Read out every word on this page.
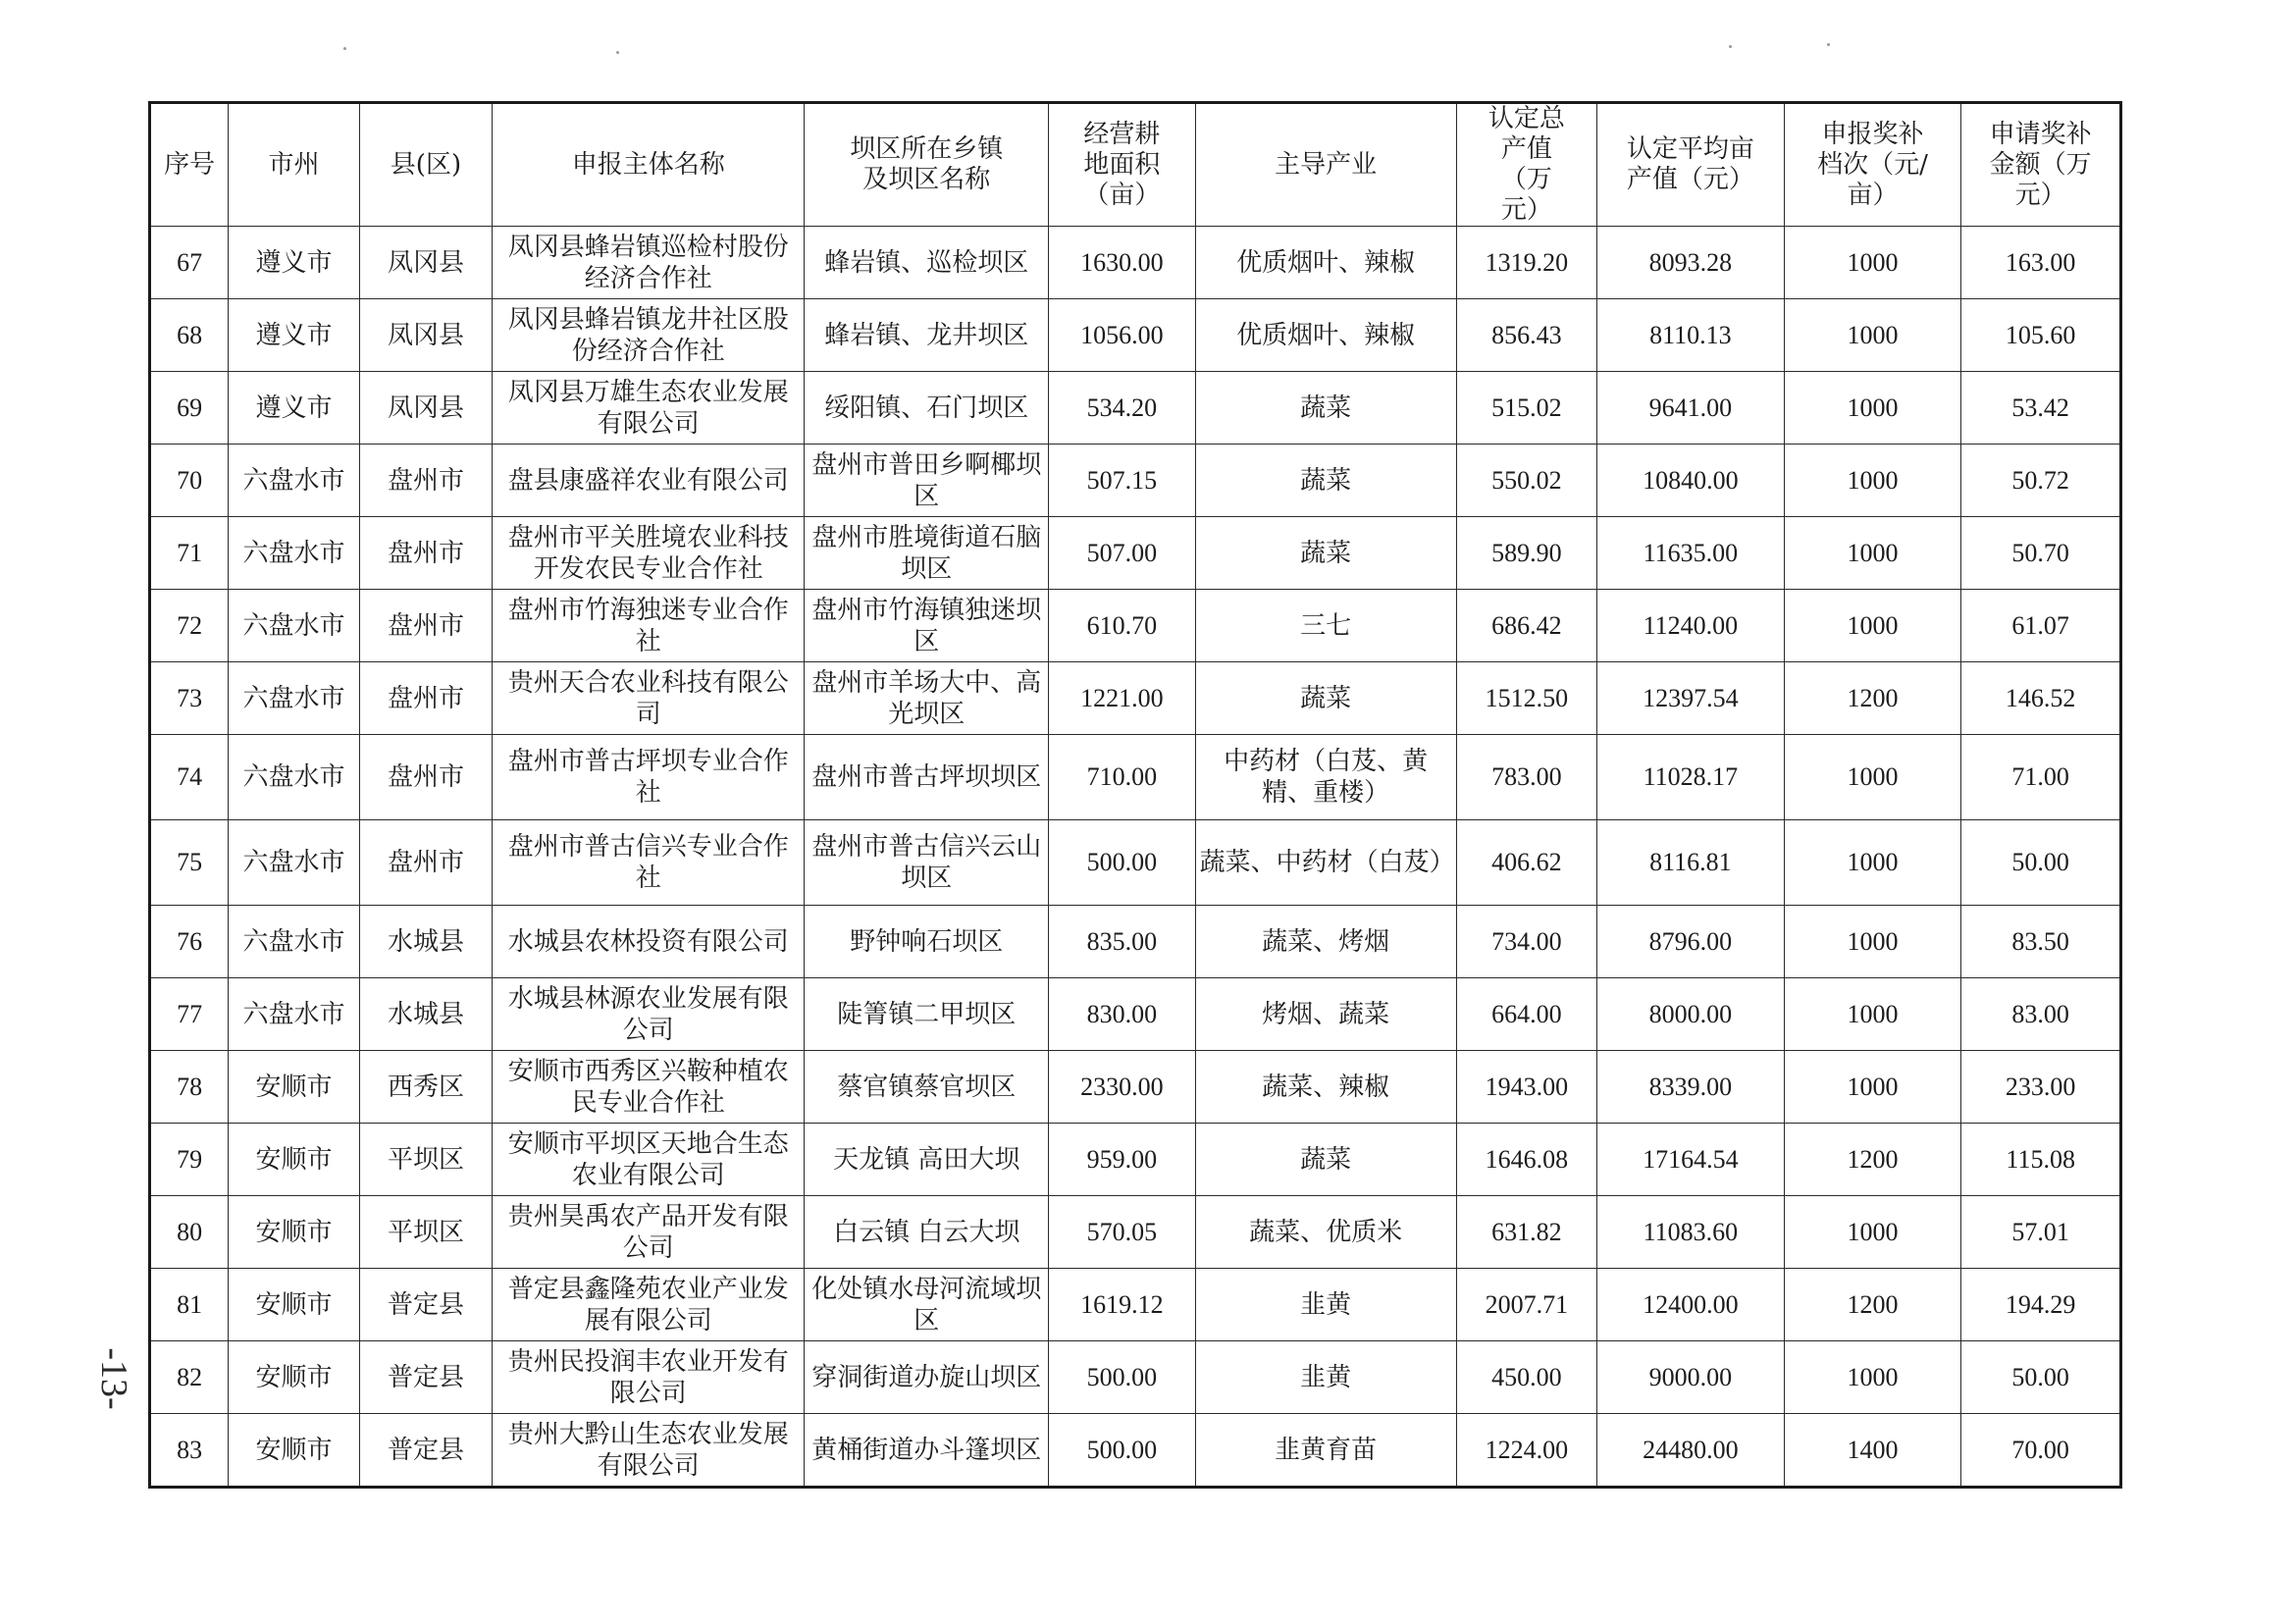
序号	市州	县(区)	申报主体名称	坝区所在乡镇及坝区名称	经营耕地面积（亩）	主导产业	认定总产值（万元）	认定平均亩产值（元）	申报奖补档次（元/亩）	申请奖补金额（万元）
67	遵义市	凤冈县	凤冈县蜂岩镇巡检村股份经济合作社	蜂岩镇、巡检坝区	1630.00	优质烟叶、辣椒	1319.20	8093.28	1000	163.00
68	遵义市	凤冈县	凤冈县蜂岩镇龙井社区股份经济合作社	蜂岩镇、龙井坝区	1056.00	优质烟叶、辣椒	856.43	8110.13	1000	105.60
69	遵义市	凤冈县	凤冈县万雄生态农业发展有限公司	绥阳镇、石门坝区	534.20	蔬菜	515.02	9641.00	1000	53.42
70	六盘水市	盘州市	盘县康盛祥农业有限公司	盘州市普田乡啊椰坝区	507.15	蔬菜	550.02	10840.00	1000	50.72
71	六盘水市	盘州市	盘州市平关胜境农业科技开发农民专业合作社	盘州市胜境街道石脑坝区	507.00	蔬菜	589.90	11635.00	1000	50.70
72	六盘水市	盘州市	盘州市竹海独迷专业合作社	盘州市竹海镇独迷坝区	610.70	三七	686.42	11240.00	1000	61.07
73	六盘水市	盘州市	贵州天合农业科技有限公司	盘州市羊场大中、高光坝区	1221.00	蔬菜	1512.50	12397.54	1200	146.52
74	六盘水市	盘州市	盘州市普古坪坝专业合作社	盘州市普古坪坝坝区	710.00	中药材（白芨、黄精、重楼）	783.00	11028.17	1000	71.00
75	六盘水市	盘州市	盘州市普古信兴专业合作社	盘州市普古信兴云山坝区	500.00	蔬菜、中药材（白芨）	406.62	8116.81	1000	50.00
76	六盘水市	水城县	水城县农林投资有限公司	野钟响石坝区	835.00	蔬菜、烤烟	734.00	8796.00	1000	83.50
77	六盘水市	水城县	水城县林源农业发展有限公司	陡箐镇二甲坝区	830.00	烤烟、蔬菜	664.00	8000.00	1000	83.00
78	安顺市	西秀区	安顺市西秀区兴鞍种植农民专业合作社	蔡官镇蔡官坝区	2330.00	蔬菜、辣椒	1943.00	8339.00	1000	233.00
79	安顺市	平坝区	安顺市平坝区天地合生态农业有限公司	天龙镇 高田大坝	959.00	蔬菜	1646.08	17164.54	1200	115.08
80	安顺市	平坝区	贵州昊禹农产品开发有限公司	白云镇 白云大坝	570.05	蔬菜、优质米	631.82	11083.60	1000	57.01
81	安顺市	普定县	普定县鑫隆苑农业产业发展有限公司	化处镇水母河流域坝区	1619.12	韭黄	2007.71	12400.00	1200	194.29
82	安顺市	普定县	贵州民投润丰农业开发有限公司	穿洞街道办旋山坝区	500.00	韭黄	450.00	9000.00	1000	50.00
83	安顺市	普定县	贵州大黔山生态农业发展有限公司	黄桶街道办斗篷坝区	500.00	韭黄育苗	1224.00	24480.00	1400	70.00
-13-
